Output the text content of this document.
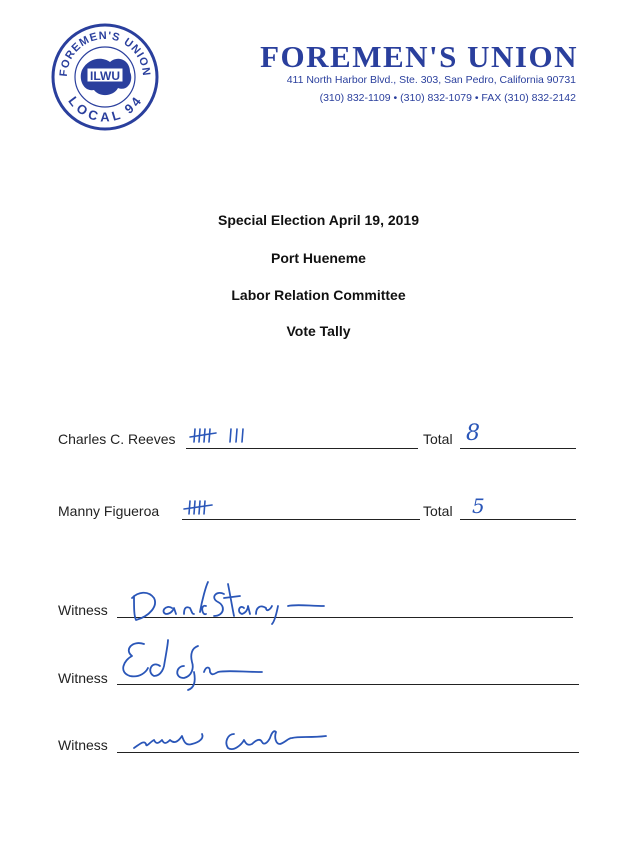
ILWU
FOREMEN'S UNION
LOCAL 94
FOREMEN'S UNION
411 North Harbor Blvd., Ste. 303, San Pedro, California 90731
(310) 832-1109 • (310) 832-1079 • FAX (310) 832-2142
Special Election April 19, 2019
Port Hueneme
Labor Relation Committee
Vote Tally
Charles C. Reeves	Total 8
Manny Figueroa	Total 5
Witness
Witness
Witness
